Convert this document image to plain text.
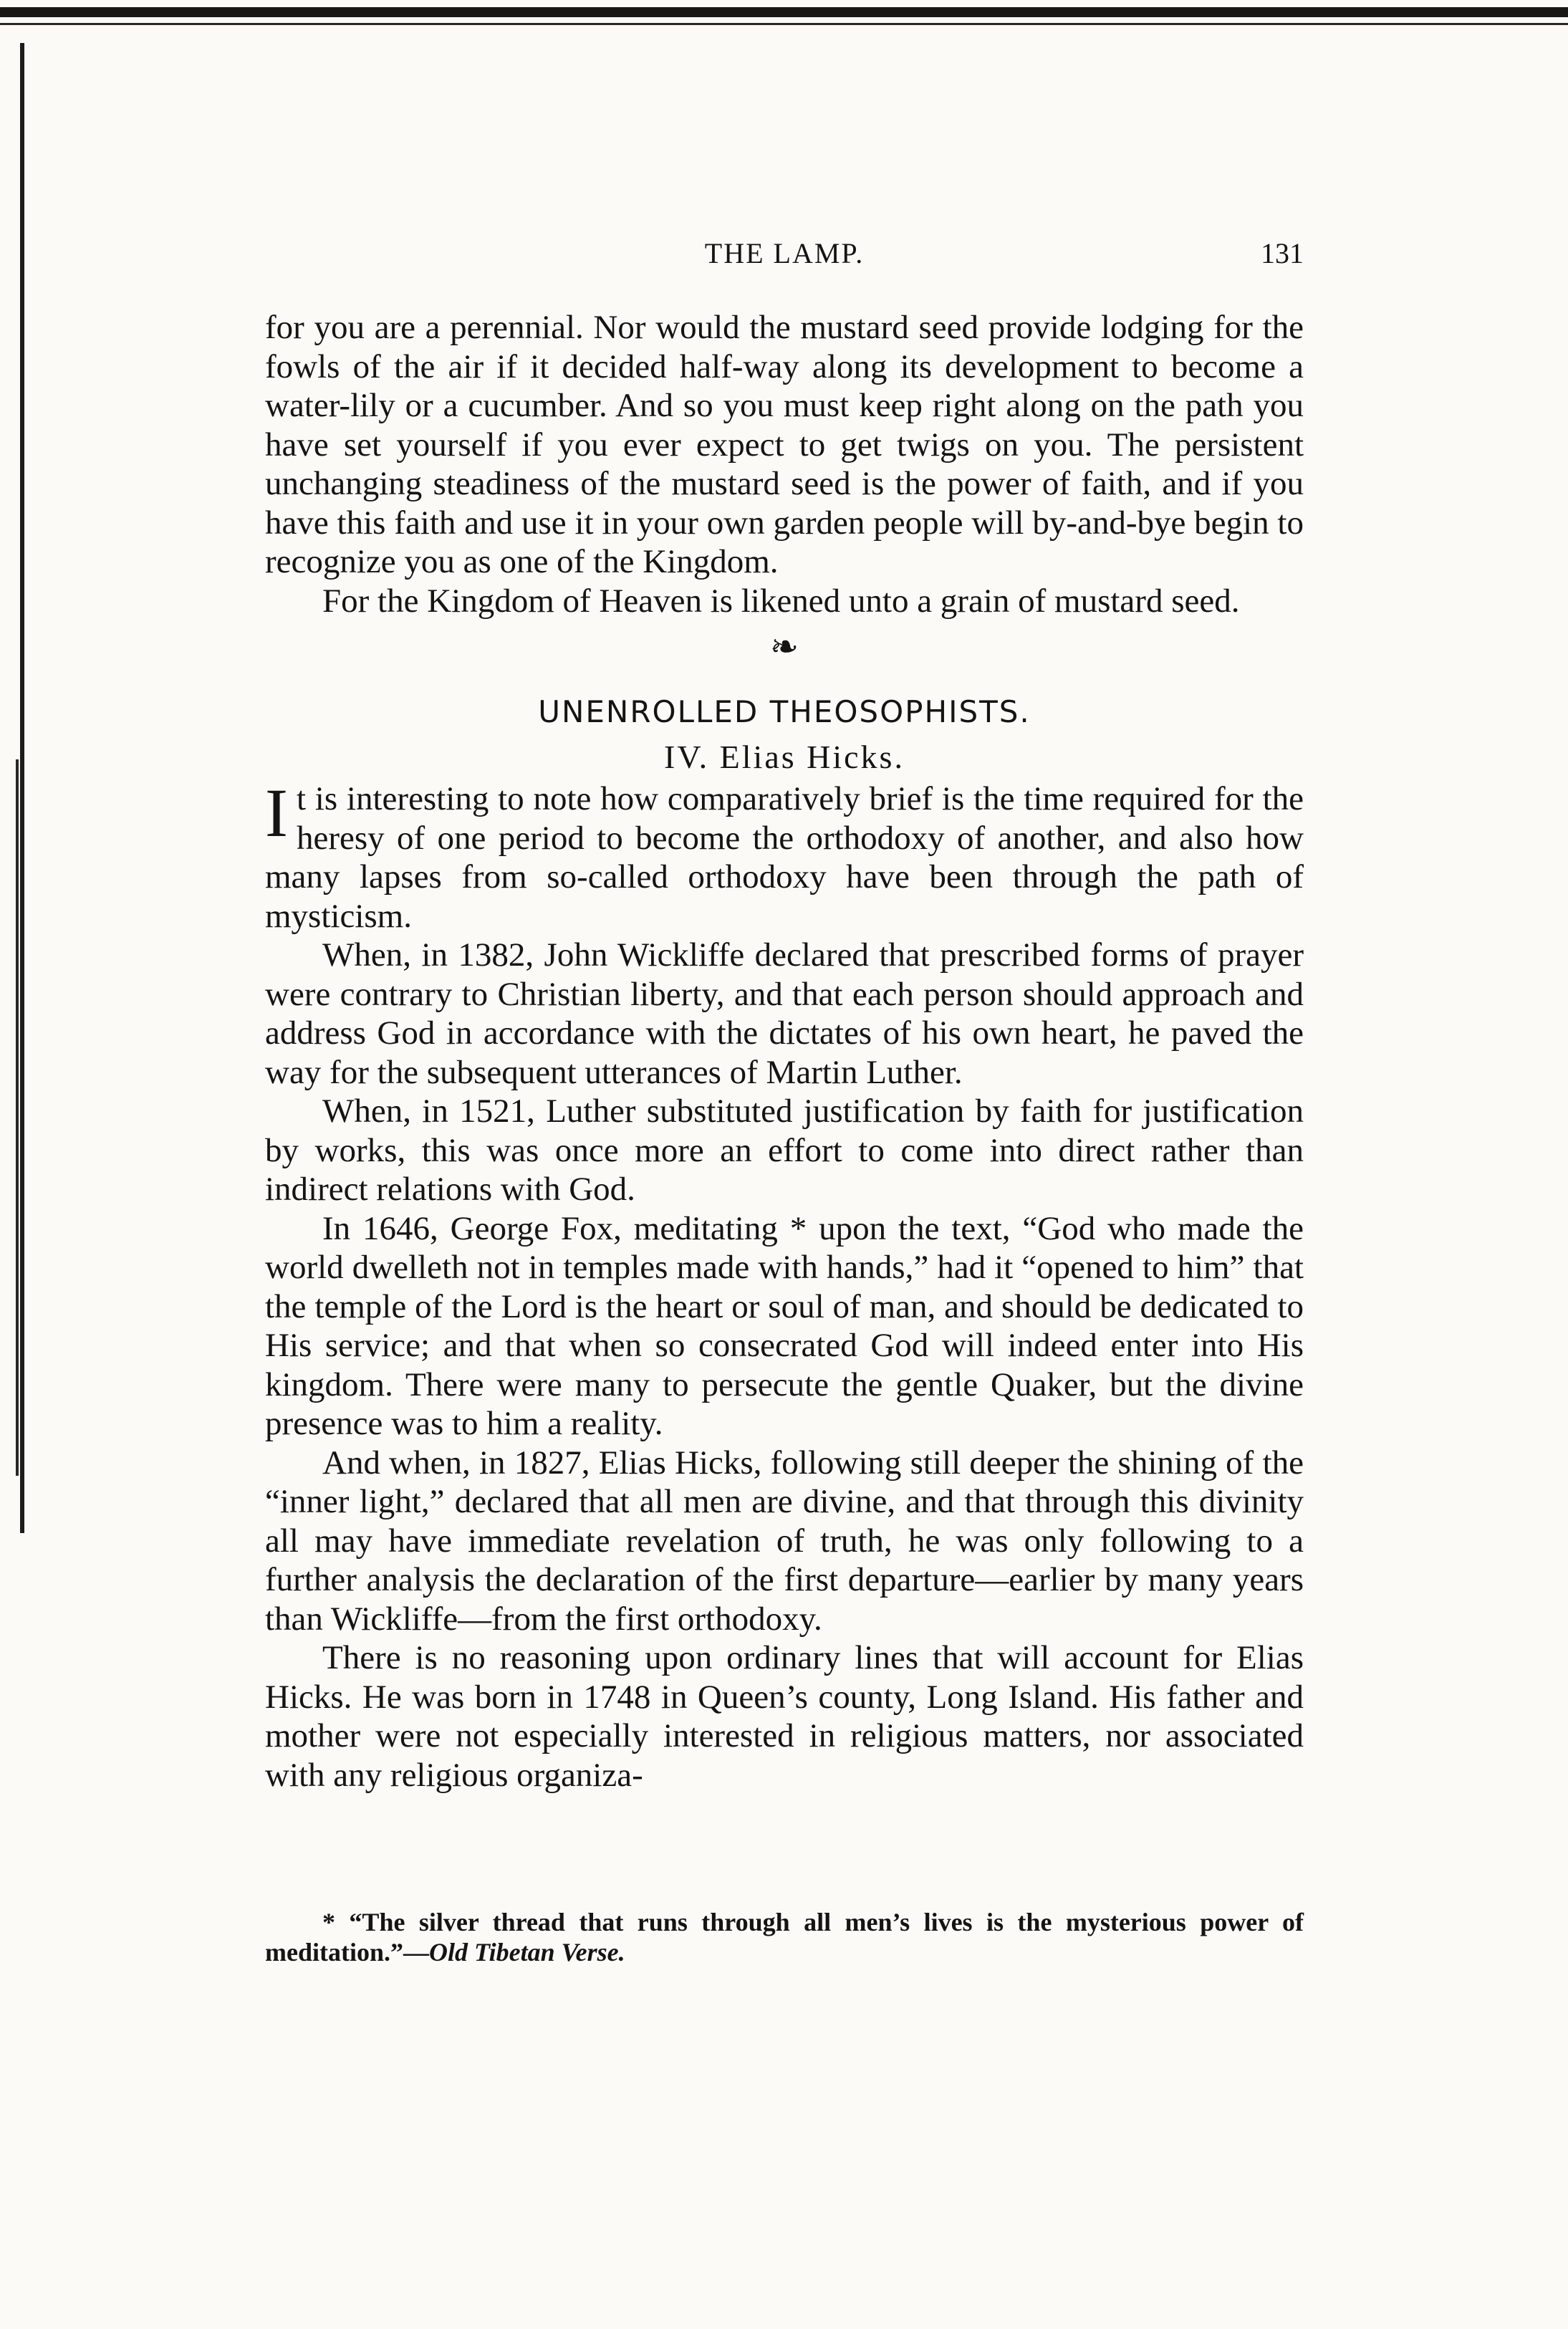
THE LAMP.	131

for you are a perennial. Nor would the mustard seed provide lodging for the fowls of the air if it decided half-way along its development to become a water-lily or a cucumber. And so you must keep right along on the path you have set yourself if you ever expect to get twigs on you. The persistent unchanging steadiness of the mustard seed is the power of faith, and if you have this faith and use it in your own garden people will by-and-bye begin to recognize you as one of the Kingdom.

For the Kingdom of Heaven is likened unto a grain of mustard seed.

❧
UNENROLLED THEOSOPHISTS.
IV. Elias Hicks.

It is interesting to note how comparatively brief is the time required for the heresy of one period to become the orthodoxy of another, and also how many lapses from so-called orthodoxy have been through the path of mysticism.

When, in 1382, John Wickliffe declared that prescribed forms of prayer were contrary to Christian liberty, and that each person should approach and address God in accordance with the dictates of his own heart, he paved the way for the subsequent utterances of Martin Luther.

When, in 1521, Luther substituted justification by faith for justification by works, this was once more an effort to come into direct rather than indirect relations with God.

In 1646, George Fox, meditating * upon the text, “God who made the world dwelleth not in temples made with hands,” had it “opened to him” that the temple of the Lord is the heart or soul of man, and should be dedicated to His service; and that when so consecrated God will indeed enter into His kingdom. There were many to persecute the gentle Quaker, but the divine presence was to him a reality.

And when, in 1827, Elias Hicks, following still deeper the shining of the “inner light,” declared that all men are divine, and that through this divinity all may have immediate revelation of truth, he was only following to a further analysis the declaration of the first departure—earlier by many years than Wickliffe—from the first orthodoxy.

There is no reasoning upon ordinary lines that will account for Elias Hicks. He was born in 1748 in Queen’s county, Long Island. His father and mother were not especially interested in religious matters, nor associated with any religious organiza-

* “The silver thread that runs through all men’s lives is the mysterious power of meditation.”—Old Tibetan Verse.
